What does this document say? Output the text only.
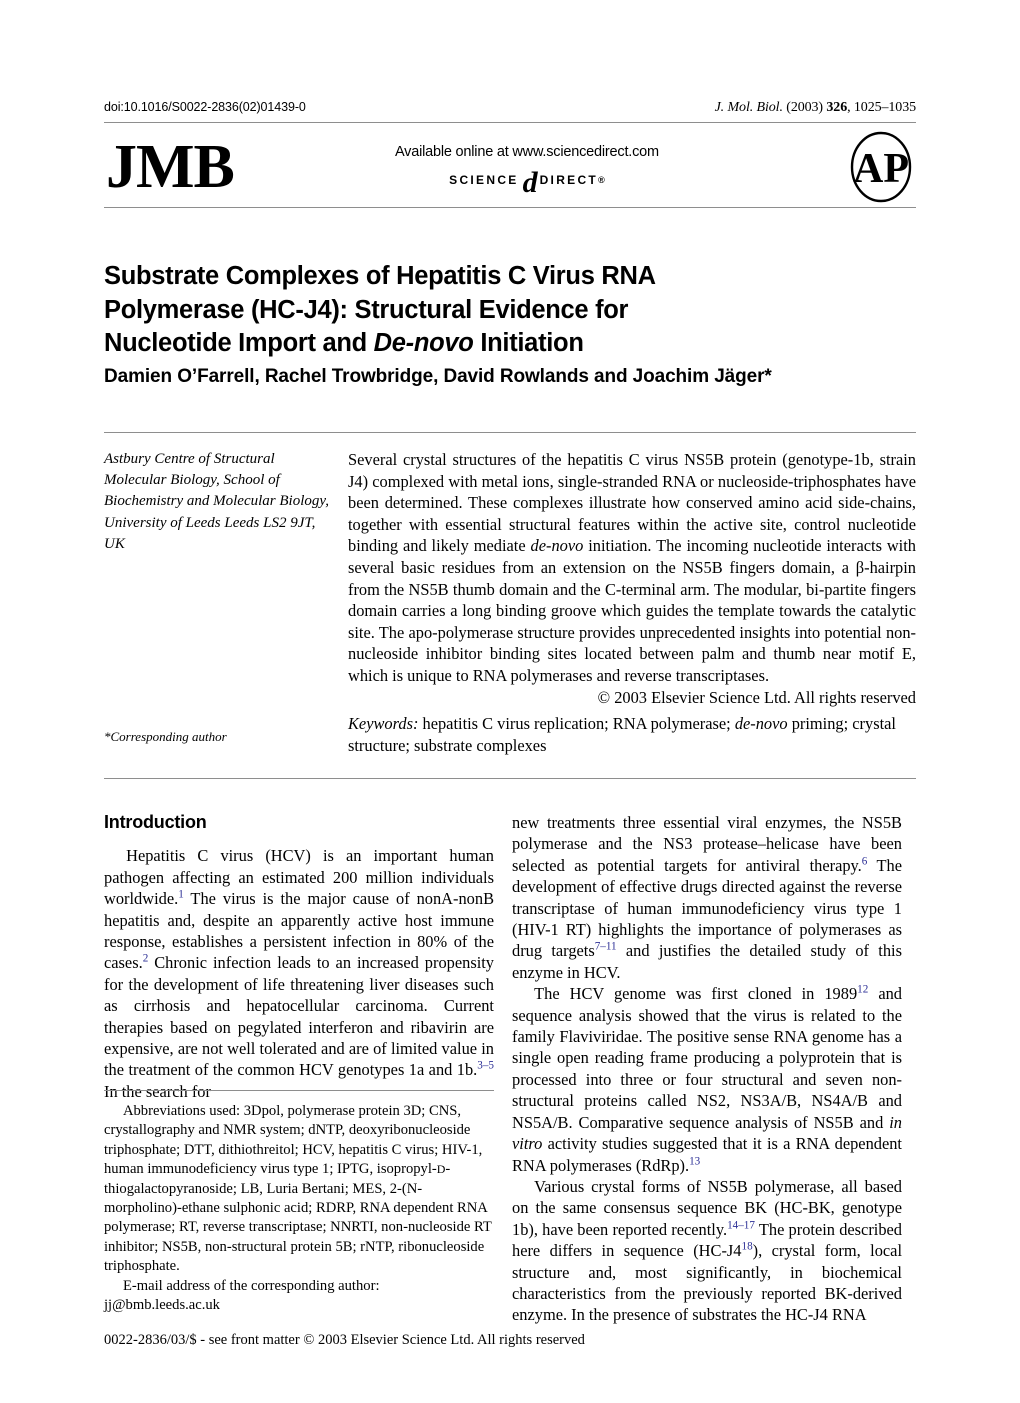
doi:10.1016/S0022-2836(02)01439-0	J. Mol. Biol. (2003) 326, 1025–1035
JMB	Available online at www.sciencedirect.com
SCIENCE d DIRECT ®	AP
Substrate Complexes of Hepatitis C Virus RNA
Polymerase (HC-J4): Structural Evidence for
Nucleotide Import and De-novo Initiation
Damien O’Farrell, Rachel Trowbridge, David Rowlands and Joachim Jäger*
Astbury Centre of Structural Molecular Biology, School of Biochemistry and Molecular Biology, University of Leeds Leeds LS2 9JT, UK
*Corresponding author

Several crystal structures of the hepatitis C virus NS5B protein (genotype-1b, strain J4) complexed with metal ions, single-stranded RNA or nucleoside-triphosphates have been determined. These complexes illustrate how conserved amino acid side-chains, together with essential structural features within the active site, control nucleotide binding and likely mediate de-novo initiation. The incoming nucleotide interacts with several basic residues from an extension on the NS5B fingers domain, a β-hairpin from the NS5B thumb domain and the C-terminal arm. The modular, bi-partite fingers domain carries a long binding groove which guides the template towards the catalytic site. The apo-polymerase structure provides unprecedented insights into potential non-nucleoside inhibitor binding sites located between palm and thumb near motif E, which is unique to RNA polymerases and reverse transcriptases.

© 2003 Elsevier Science Ltd. All rights reserved
Keywords: hepatitis C virus replication; RNA polymerase; de-novo priming; crystal structure; substrate complexes
Introduction

Hepatitis C virus (HCV) is an important human pathogen affecting an estimated 200 million individuals worldwide.$^1$ The virus is the major cause of nonA-nonB hepatitis and, despite an apparently active host immune response, establishes a persistent infection in 80% of the cases.$^2$ Chronic infection leads to an increased propensity for the development of life threatening liver diseases such as cirrhosis and hepatocellular carcinoma. Current therapies based on pegylated interferon and ribavirin are expensive, are not well tolerated and are of limited value in the treatment of the common HCV genotypes 1a and 1b.$^{3-5}$ In the search for

new treatments three essential viral enzymes, the NS5B polymerase and the NS3 protease–helicase have been selected as potential targets for antiviral therapy.$^6$ The development of effective drugs directed against the reverse transcriptase of human immunodeficiency virus type 1 (HIV-1 RT) highlights the importance of polymerases as drug targets$^{7-11}$ and justifies the detailed study of this enzyme in HCV.

The HCV genome was first cloned in 1989$^{12}$ and sequence analysis showed that the virus is related to the family Flaviviridae. The positive sense RNA genome has a single open reading frame producing a polyprotein that is processed into three or four structural and seven non-structural proteins called NS2, NS3A/B, NS4A/B and NS5A/B. Comparative sequence analysis of NS5B and in vitro activity studies suggested that it is a RNA dependent RNA polymerases (RdRp).$^{13}$

Various crystal forms of NS5B polymerase, all based on the same consensus sequence BK (HC-BK, genotype 1b), have been reported recently.$^{14-17}$ The protein described here differs in sequence (HC-J4$^{18}$), crystal form, local structure and, most significantly, in biochemical characteristics from the previously reported BK-derived enzyme. In the presence of substrates the HC-J4 RNA

Abbreviations used: 3Dpol, polymerase protein 3D; CNS, crystallography and NMR system; dNTP, deoxyribonucleoside triphosphate; DTT, dithiothreitol; HCV, hepatitis C virus; HIV-1, human immunodeficiency virus type 1; IPTG, isopropyl-D-thiogalactopyranoside; LB, Luria Bertani; MES, 2-(N-morpholino)-ethane sulphonic acid; RDRP, RNA dependent RNA polymerase; RT, reverse transcriptase; NNRTI, non-nucleoside RT inhibitor; NS5B, non-structural protein 5B; rNTP, ribonucleoside triphosphate.

E-mail address of the corresponding author:
jj@bmb.leeds.ac.uk

0022-2836/03/$ - see front matter © 2003 Elsevier Science Ltd. All rights reserved
